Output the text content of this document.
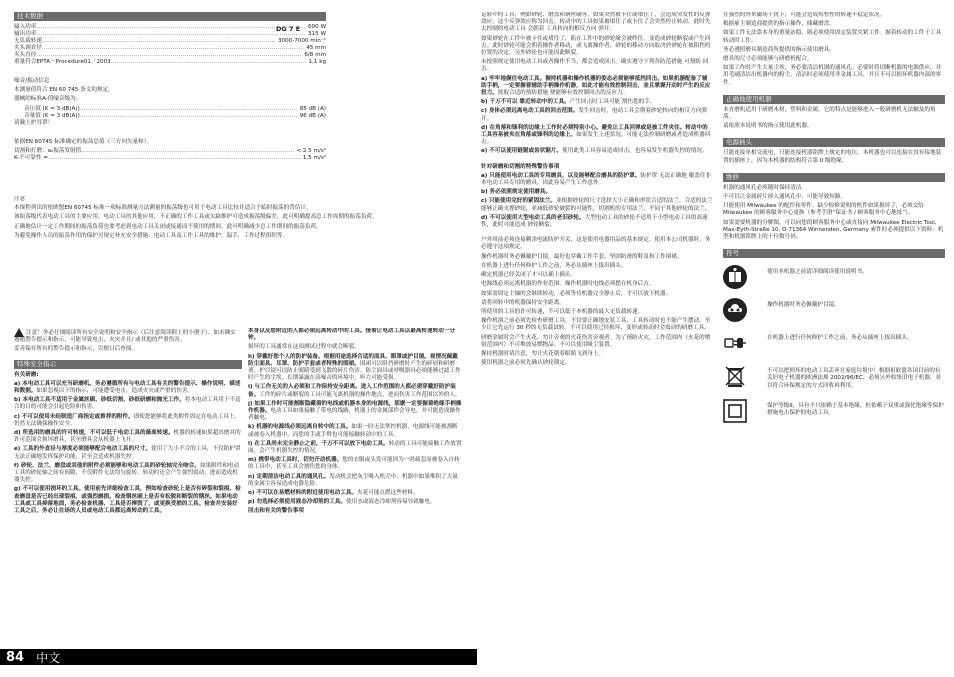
技术数据
DG 7 E
输入功率 .....	600 W
输出功率 .....	315 W
无负载转速 .....	3000-7000 min⁻¹
夹头调直径 .....	45 mm
夹头直径 .....	6/8 mm
重量符合EPTA－Procedure01／2003 .....	1,1 kg

噪音/振动信息

本测量值符合 EN 60 745 条文的规定。

器械的标准A-值噪音级为：

音压值 (K = 3 dB(A)) .....	85 dB (A)
音量值 (K = 3 dB(A)) .....	96 dB (A)

请戴上护耳罩！

依据EN 60745 标准确定的振荡总值（三方向矢量和）。

切割和打磨：aₕ振荡发射值 .....	< 2.5 m/s²
K-不可靠性 = .....	1,5 m/s²

注意

本规程列出的依欧盟EN 60745 标准一项标准测量方法测量的振荡级也可用于电动工具比较并适合于临时振荡的背估计。

该振荡级代表电动工具的主要应用。电动工具的其他应用，不正确的工作工具或欠缺维护可造成振荡级偏差。此可明确提高总工作周期的振荡负荷。

正确地估计一定工作期间的振荡负荷也要考虑到电动工具关闭或接通而不使用的期间。此可明确减少总工作期间的振荡负荷。

为避免操作人员的振荡作用的保护另规定补充安全措施：电动工具及工作工具的维护，温手，工作过程组织等。

注意！务必仔细阅读所有安全说明和安全指示（后注意阅读附上的小册子）。如未确实 遵循警告提示和指示，可能导致电击，火灾并且/ 或其他的严重伤害。

妥善保存所有的警告提示和指示，以便日后查阅。

特殊安全指示

有关研磨:

a) 本电动工具可以充当研磨机。务必遵循所有与电动工具有关的警告提示、操作说明、描述和数据。如果忽视以下的指示，可能遭受电击，造成火灾或严重的伤害。

b) 本电动工具不适用于金属丝刷、砂纸切割、砂纸研磨和抛光工作。将本电动工具用于不适合的目的可能会引起危险和伤害。

c) 不可以使用未经制造厂商指定或推荐的附件。即使您能够将此类附件固定在电动工具上，仍然无法确保操作安全。

d) 所选用的磨具的许可转速，不可以低于电动工具的最高转速。机器的转速如果超出磨具的许可范围会损坏磨具，甚至磨具会从机器上飞开。

e) 工具的外直径与厚度必须能够配合电动工具的尺寸。使用了大小不合的工具，不仅防护罩无法正确地发挥保护功能，甚至会造成机器失控。

f) 砂轮、法兰、磨盘或其他的附件必须能够和电动工具的砂轮轴完全吻合。如果附件和电动工具的砂轮轴之间有间隙，不仅附件无法均匀旋转，转动时还会产生强烈震动，进而造成机器失控。

g) 不可以使用损坏的工具。使用前先详细检查工具，例如检查砂轮上是否有碎裂和裂痕、检查磨盘是否已经出现裂痕、或强烈磨损。检查钢丝刷上是否有松脱和断裂的钢丝。如果电动工具或工具掉落地面，务必检查机器、工具是否摔毁了，或更换受损的工具。检查并安装好工具之后，务必让在场的人员或电动工具都远离转动的工具。

本身以及您附近的人都必须远离转动中的工具。接着让电动工具以最高转速转动一分钟。

损坏的工具通常在这项测试过程中就会断裂。

h) 穿戴好您个人的防护装备。根据用途选择合适的面具、眼罩或护目镜。视情况佩戴防尘面具、耳罩、防护手套或者特殊的围裙。围裙可以阻挡研磨时产生的碎屑和研磨剂。护目镜可以防止眼睛受到飞散的碎片伤害。防尘面具或呼吸器具必须能够过滤工作时产生的尘埃。长期暴露在高噪音的环境中，听力可能受损。

i) 与工作无关的人必须和工作保持安全距离。进入工作范围的人都必须穿戴好防护装备。工件的碎片或断裂的工具可能飞离机器的操作地点，进而伤害工作范围以外的人。

j) 如果工作时可能割断隐藏着的电线或机器本身的电源线，那麽一定要握着绝缘手柄操作机器。电动工具如果接触了带电的线路，机器上的金属部件会导电，并可能造成操作者触电。

k) 机器的电源线必须远离自转中的工具。如果一时无法掌控机器，电源线可能被割断或被卷入机器中，而您的手或手臂也可能接触转动中的工具。

l) 在工具尚未完全静止之前，千万不可以放下电动工具。转动的工具可能接触工作放置面，会产生机器失控的情况。

m) 携带电动工具时，切勿开动机器。您的衣服或头发可能因为一时疏忽而被卷入自转的工具中，甚至工具会割伤您的身体。

n) 定期清洁电动工具的通风孔。发动机会把灰尘吸入机壳中，机器中如果堆积了大量的金属尘容易造成电器危险。

o) 不可以在易燃材料的附近使用电动工具。火花可能点燃这些材料。

p) 勿选择必须使用液态冷却剂的工具。使用水或液态冷却剂容易导致触电。

回击和有关的警告事项

84	中文

运转中的工具，例如砂轮、磨盘和钢丝刷等，如果突然被卡住或堵住了，会造成突发性的反弹效应，这个反弹效应称为回击。转动中的工具如果被堵住了或卡住了会突然停止转动，此时失去控制的电动工具 会朝着 工具转向的相反方向 弹开。

如果砂轮在工件中被卡住或堵住了，陷在工件中的砂轮缘会被绊住，並造成砂轮断裂或产生回击。此时砂轮可能会朝着操作者移动，或飞离操作者，砂轮的移动方向取决於砂轮在被阻挡的位置的决定，另外砂轮也可能因此断裂。

未按照规定使用电动工具或者操作不当，都会造成回击。确实遵守下列各防范措施 可预防 回击。

a) 牢牢地握住电动工具。握持机器和操作机器的姿态必须能够抵挡回击。如果机器配备了辅助手柄，一定要握着辅助手柄操作机器，如此才能有效控制回击，並且掌握开动时产生的反应扭力。按取合适的预防措施 便能够有效控制回击的反应力。

b) 千万不可以 靠近转动中的工具。产生回击时工具可能 割伤您的手。

c) 身体必须远离电动工具的回击范围。发生回击时，电动工具会朝着砂轮转向的相反方向弹开。

d) 在角落和锋利的边缘上工作时必须特别小心。避免让工具回弹或是被工件夹住。转动中的工具容易被夹在角落或锋利的边缘上。如果发生上述状况，可能无法控制研磨或者造成机器回击。

e) 不可以使用链锯或齿状锯片。使用此类工具容易造成回击，也容易发生机器失控的情况。

针对研磨和切割的特殊警告事项

a) 只能使用电动工具的专用磨具，以及能够配合磨具的防护罩。防护罩 无法正确地 覆盖住非本电动工具专用的磨具，因此容易产生工作意外。

b) 务必依照规定使用磨具。

c) 只能使用完好的紧固法兰。並根据砂轮的尺寸选择大小正确和形状合适的法兰。合适的法兰能够正确支撑砂轮，並减低砂轮破裂的可能性。切割机的专用法兰，不同于其他砂轮的法兰。

d) 不可以使用大型电动工具的老旧砂轮。大型电动工具的砂轮不适用于小型电动工具的高速性，此时可能造成 砂轮断裂。

户外用前必须连接剩余电流防护开关，这是使用电器用品的基本规定。使用本公司机器时，务必遵守这项规定。

操作机器时务必佩戴护目镜，最好也穿戴工作手套，坚固防滑的鞋及和工作围裙。

在机器上进行任何修护工作之前，务必从插座上拔出插头。

确定机器已经关闭了才可以插上插头。

电源线必须远离机器的作业范围。操作机器时电线必须摆在机身后方。

如果需固定主轴的会继续转动，必须等待机器完全静止后，才可以放下机器。

请将回转中的机器保持安全距离。

所使用的工具的许可转速，不可以低于本机器的最大无负载转速。

操作机器之前必须先检查研磨工具，不仅要正确地安装工具，工具转动时也不能产生摆动。至少让它先运行 30 秒的无负载试转。不可以使用已经损坏、变形或转动时会震动的研磨工具。

研磨金属时会产生火花，勿让旁观的火花伤害旁观者。为了预防火灾，工作范围内（火花的喷射范围内）不可堆放易燃物品。不可以使用吸尘装置。

握持机器时请注意，勿让火花朝着眼睛飞到身上。

使用机器之前必须先确认砂轮锁定。

在强烈的外来磁场干扰下，可能会造成短暂性的转速不稳定状况。

根据雇主制造商提供的指示操作、储藏磨盘。

如果工件无法靠本身的重量站稳，则必须使用固定装置夹紧工件。握着转动的工件于工具转动时工件。

务必遵照磨具制造商所提供的指示使用磨具。

磨具的尺寸必须能够与研磨机配合。

如果工作时产生大量尘埃，务必要清洁机器的通风孔。必要时将切断机器的电源供应，并用毛刷清洁出机器内的粉尘，清洁时必须使用非金属工具，并且不可以损坏机器内部的零件。

正确地使用机器

本直磨机适用于研磨木材，塑料和金属。它的特点是能够进入一般研磨机无法触及的角落。

请依照本说明书的指示使用此机器。

电源插头

只能连接单相交流电，只能连接机器铭牌上规定的电压。本机器也可以连接在没有接地装置的插座上，因为本机器的结构符合第 II 级绝缘。

维修

机器的通风孔必须随时保持清洁。

不可以让金属碎片掉入通风孔中，可能导致短路。

只能使用 Milwaukee 的配件和零件。缺少检修说明的机件如果损坏了，必须交给 Milwaukee 的顾客服务中心更换（参考手册“保证书 / 顾客服务中心地址”）。

如果需要机器的分解图，可以向您的顾客服务中心或直接向 Milwaukee Electric Tool, Max-Eyth-Straße 10, D-71364 Winnenden, Germany 索件时必须提供以下资料：机型和机器铭牌上的十位数号码。

符号
使用本机器之前请详细阅读使用说明书。
操作机器时务必佩戴护目镜。
在机器上进行任何修护工作之前，务必从插座上拔出插头。
不可以把损坏的电动工具丢弃在家庭垃圾中！根据祖欧盟各国目前的有关旧电子机器的欧洲法规 2002/96/EC，必须另外收集旧电子机器，並以符合环保规定的方式回收再利用。
保护等级II，具有不只依赖于基本绝缘，但依赖于双重或强化绝缘等保护措施电击保护的电动工具。
